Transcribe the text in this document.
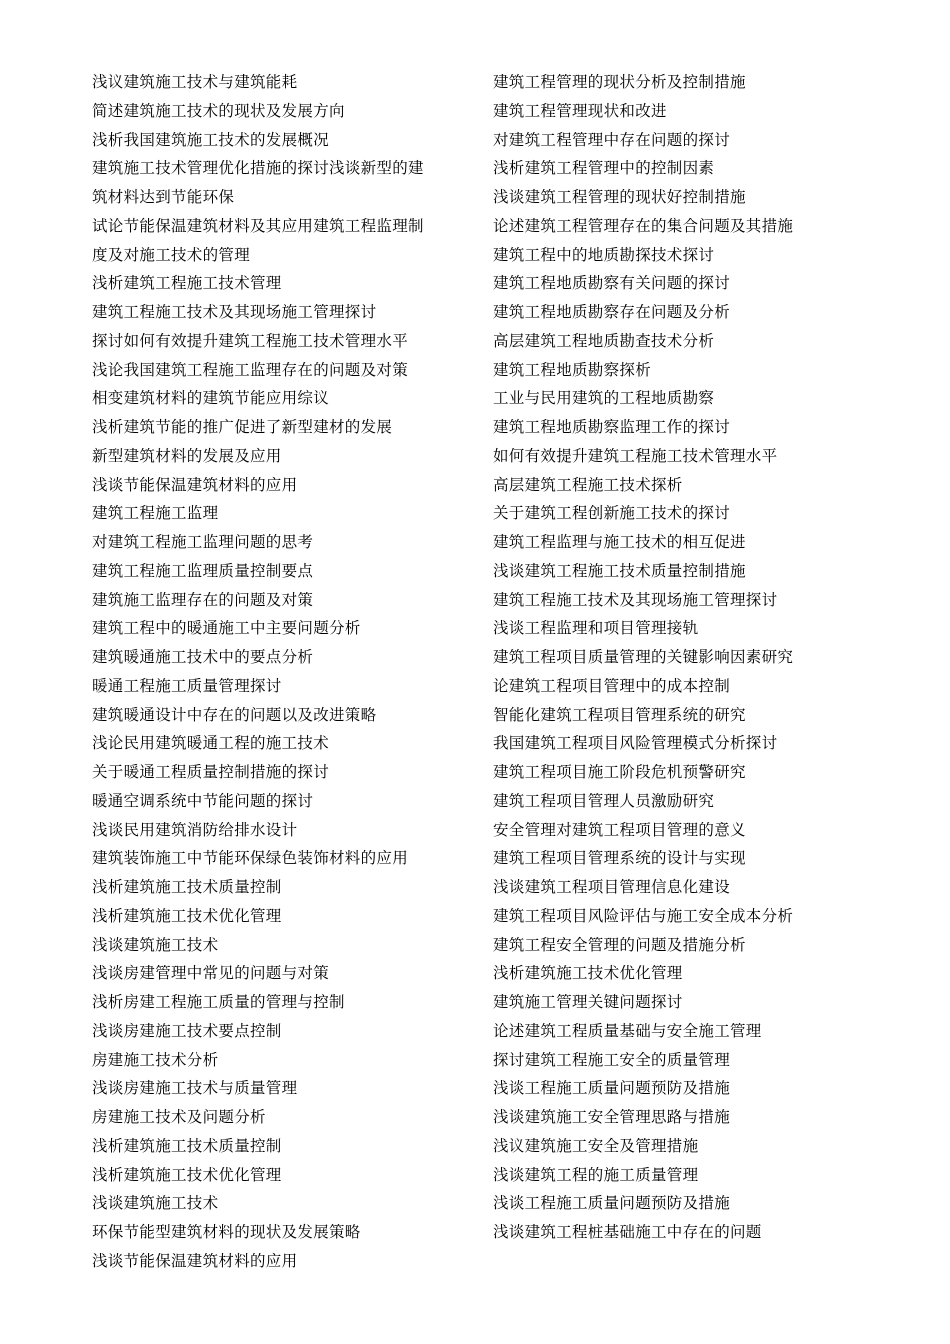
浅议建筑施工技术与建筑能耗
简述建筑施工技术的现状及发展方向
浅析我国建筑施工技术的发展概况
建筑施工技术管理优化措施的探讨浅谈新型的建
筑材料达到节能环保
试论节能保温建筑材料及其应用建筑工程监理制
度及对施工技术的管理
浅析建筑工程施工技术管理
建筑工程施工技术及其现场施工管理探讨
探讨如何有效提升建筑工程施工技术管理水平
浅论我国建筑工程施工监理存在的问题及对策
相变建筑材料的建筑节能应用综议
浅析建筑节能的推广促进了新型建材的发展
新型建筑材料的发展及应用
浅谈节能保温建筑材料的应用
建筑工程施工监理
对建筑工程施工监理问题的思考
建筑工程施工监理质量控制要点
建筑施工监理存在的问题及对策
建筑工程中的暖通施工中主要问题分析
建筑暖通施工技术中的要点分析
暖通工程施工质量管理探讨
建筑暖通设计中存在的问题以及改进策略
浅论民用建筑暖通工程的施工技术
关于暖通工程质量控制措施的探讨
暖通空调系统中节能问题的探讨
浅谈民用建筑消防给排水设计
建筑装饰施工中节能环保绿色装饰材料的应用
浅析建筑施工技术质量控制
浅析建筑施工技术优化管理
浅谈建筑施工技术
浅谈房建管理中常见的问题与对策
浅析房建工程施工质量的管理与控制
浅谈房建施工技术要点控制
房建施工技术分析
浅谈房建施工技术与质量管理
房建施工技术及问题分析
浅析建筑施工技术质量控制
浅析建筑施工技术优化管理
浅谈建筑施工技术
环保节能型建筑材料的现状及发展策略
浅谈节能保温建筑材料的应用
建筑工程管理的现状分析及控制措施
建筑工程管理现状和改进
对建筑工程管理中存在问题的探讨
浅析建筑工程管理中的控制因素
浅谈建筑工程管理的现状好控制措施
论述建筑工程管理存在的集合问题及其措施
建筑工程中的地质勘探技术探讨
建筑工程地质勘察有关问题的探讨
建筑工程地质勘察存在问题及分析
高层建筑工程地质勘查技术分析
建筑工程地质勘察探析
工业与民用建筑的工程地质勘察
建筑工程地质勘察监理工作的探讨
如何有效提升建筑工程施工技术管理水平
高层建筑工程施工技术探析
关于建筑工程创新施工技术的探讨
建筑工程监理与施工技术的相互促进
浅谈建筑工程施工技术质量控制措施
建筑工程施工技术及其现场施工管理探讨
浅谈工程监理和项目管理接轨
建筑工程项目质量管理的关键影响因素研究
论建筑工程项目管理中的成本控制
智能化建筑工程项目管理系统的研究
我国建筑工程项目风险管理模式分析探讨
建筑工程项目施工阶段危机预警研究
建筑工程项目管理人员激励研究
安全管理对建筑工程项目管理的意义
建筑工程项目管理系统的设计与实现
浅谈建筑工程项目管理信息化建设
建筑工程项目风险评估与施工安全成本分析
建筑工程安全管理的问题及措施分析
浅析建筑施工技术优化管理
建筑施工管理关键问题探讨
论述建筑工程质量基础与安全施工管理
探讨建筑工程施工安全的质量管理
浅谈工程施工质量问题预防及措施
浅谈建筑施工安全管理思路与措施
浅议建筑施工安全及管理措施
浅谈建筑工程的施工质量管理
浅谈工程施工质量问题预防及措施
浅谈建筑工程桩基础施工中存在的问题
